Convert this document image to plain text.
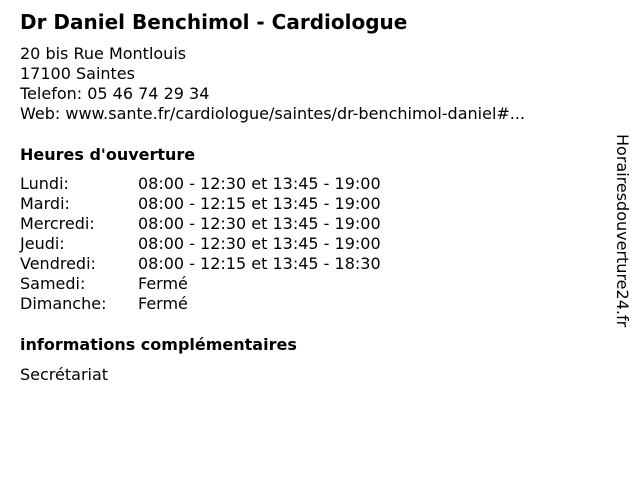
Dr Daniel Benchimol - Cardiologue
20 bis Rue Montlouis
17100 Saintes
Telefon: 05 46 74 29 34
Web: www.sante.fr/cardiologue/saintes/dr-benchimol-daniel#...
Heures d'ouverture
Lundi:	08:00 - 12:30 et 13:45 - 19:00
Mardi:	08:00 - 12:15 et 13:45 - 19:00
Mercredi:	08:00 - 12:30 et 13:45 - 19:00
Jeudi:	08:00 - 12:30 et 13:45 - 19:00
Vendredi:	08:00 - 12:15 et 13:45 - 18:30
Samedi:	Fermé
Dimanche: Fermé
informations complémentaires
Secrétariat
Horairesdouverture24.fr
